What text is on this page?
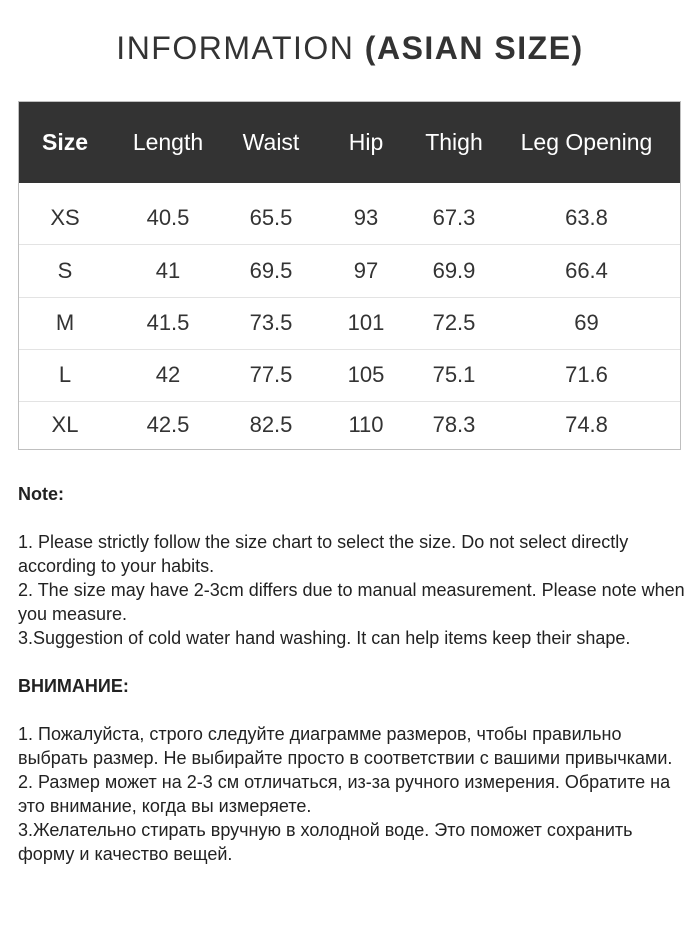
INFORMATION (ASIAN SIZE)
Size	Length	Waist	Hip	Thigh	Leg Opening
XS	40.5	65.5	93	67.3	63.8
S	41	69.5	97	69.9	66.4
M	41.5	73.5	101	72.5	69
L	42	77.5	105	75.1	71.6
XL	42.5	82.5	110	78.3	74.8

Note:

1. Please strictly follow the size chart to select the size. Do not select directly according to your habits.

2. The size may have 2-3cm differs due to manual measurement. Please note when you measure.

3.Suggestion of cold water hand washing. It can help items keep their shape.

ВНИМАНИЕ:

1. Пожалуйста, строго следуйте диаграмме размеров, чтобы правильно выбрать размер. Не выбирайте просто в соответствии с вашими привычками.

2. Размер может на 2-3 см отличаться, из-за ручного измерения. Обратите на это внимание, когда вы измеряете.

3.Желательно стирать вручную в холодной воде. Это поможет сохранить форму и качество вещей.
